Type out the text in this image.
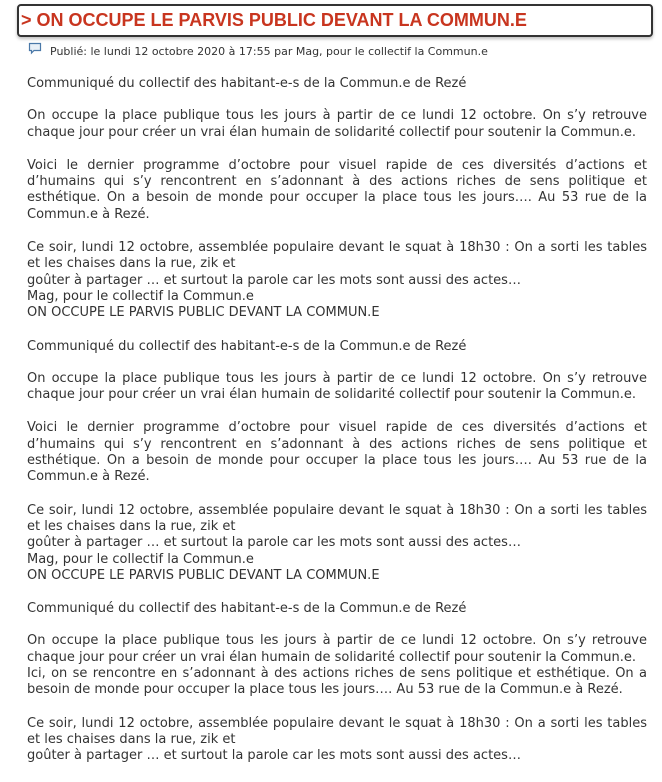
> ON OCCUPE LE PARVIS PUBLIC DEVANT LA COMMUN.E
Publié: le lundi 12 octobre 2020 à 17:55 par Mag, pour le collectif la Commun.e

Communiqué du collectif des habitant-e-s de la Commun.e de Rezé

On occupe la place publique tous les jours à partir de ce lundi 12 octobre. On s’y retrouve chaque jour pour créer un vrai élan humain de solidarité collectif pour soutenir la Commun.e.

Voici le dernier programme d’octobre pour visuel rapide de ces diversités d’actions et d’humains qui s’y rencontrent en s’adonnant à des actions riches de sens politique et esthétique. On a besoin de monde pour occuper la place tous les jours…. Au 53 rue de la Commun.e à Rezé.

Ce soir, lundi 12 octobre, assemblée populaire devant le squat à 18h30 : On a sorti les tables et les chaises dans la rue, zik et
goûter à partager … et surtout la parole car les mots sont aussi des actes…
Mag, pour le collectif la Commun.e
ON OCCUPE LE PARVIS PUBLIC DEVANT LA COMMUN.E

Communiqué du collectif des habitant-e-s de la Commun.e de Rezé

On occupe la place publique tous les jours à partir de ce lundi 12 octobre. On s’y retrouve chaque jour pour créer un vrai élan humain de solidarité collectif pour soutenir la Commun.e.

Voici le dernier programme d’octobre pour visuel rapide de ces diversités d’actions et d’humains qui s’y rencontrent en s’adonnant à des actions riches de sens politique et esthétique. On a besoin de monde pour occuper la place tous les jours…. Au 53 rue de la Commun.e à Rezé.

Ce soir, lundi 12 octobre, assemblée populaire devant le squat à 18h30 : On a sorti les tables et les chaises dans la rue, zik et
goûter à partager … et surtout la parole car les mots sont aussi des actes…
Mag, pour le collectif la Commun.e
ON OCCUPE LE PARVIS PUBLIC DEVANT LA COMMUN.E

Communiqué du collectif des habitant-e-s de la Commun.e de Rezé

On occupe la place publique tous les jours à partir de ce lundi 12 octobre. On s’y retrouve chaque jour pour créer un vrai élan humain de solidarité collectif pour soutenir la Commun.e.
Ici, on se rencontre en s’adonnant à des actions riches de sens politique et esthétique. On a besoin de monde pour occuper la place tous les jours…. Au 53 rue de la Commun.e à Rezé.

Ce soir, lundi 12 octobre, assemblée populaire devant le squat à 18h30 : On a sorti les tables et les chaises dans la rue, zik et
goûter à partager … et surtout la parole car les mots sont aussi des actes…
